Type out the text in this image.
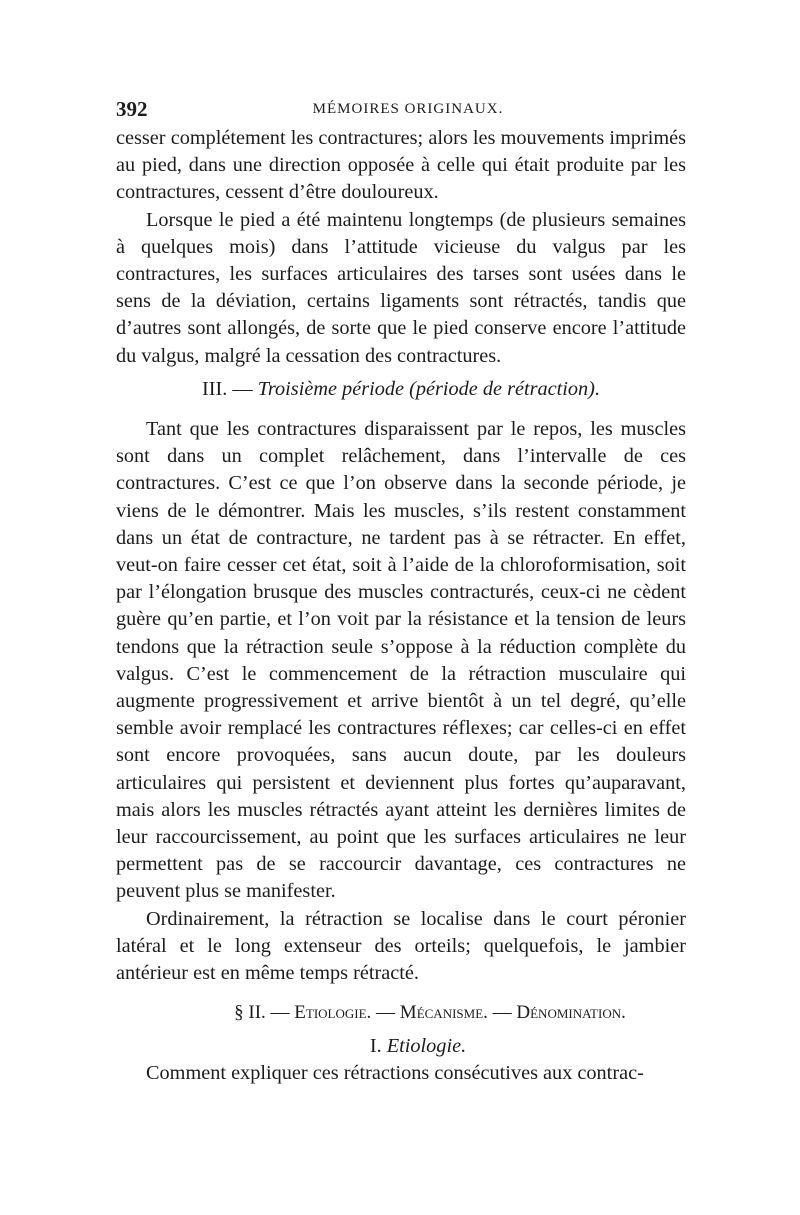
392	MÉMOIRES ORIGINAUX.

cesser complétement les contractures; alors les mouvements imprimés au pied, dans une direction opposée à celle qui était produite par les contractures, cessent d’être douloureux.

Lorsque le pied a été maintenu longtemps (de plusieurs semaines à quelques mois) dans l’attitude vicieuse du valgus par les contractures, les surfaces articulaires des tarses sont usées dans le sens de la déviation, certains ligaments sont rétractés, tandis que d’autres sont allongés, de sorte que le pied conserve encore l’attitude du valgus, malgré la cessation des contractures.

III. — Troisième période (période de rétraction).

Tant que les contractures disparaissent par le repos, les muscles sont dans un complet relâchement, dans l’intervalle de ces contractures. C’est ce que l’on observe dans la seconde période, je viens de le démontrer. Mais les muscles, s’ils restent constamment dans un état de contracture, ne tardent pas à se rétracter. En effet, veut-on faire cesser cet état, soit à l’aide de la chloroformisation, soit par l’élongation brusque des muscles contracturés, ceux-ci ne cèdent guère qu’en partie, et l’on voit par la résistance et la tension de leurs tendons que la rétraction seule s’oppose à la réduction complète du valgus. C’est le commencement de la rétraction musculaire qui augmente progressivement et arrive bientôt à un tel degré, qu’elle semble avoir remplacé les contractures réflexes; car celles-ci en effet sont encore provoquées, sans aucun doute, par les douleurs articulaires qui persistent et deviennent plus fortes qu’auparavant, mais alors les muscles rétractés ayant atteint les dernières limites de leur raccourcissement, au point que les surfaces articulaires ne leur permettent pas de se raccourcir davantage, ces contractures ne peuvent plus se manifester.

Ordinairement, la rétraction se localise dans le court péronier latéral et le long extenseur des orteils; quelquefois, le jambier antérieur est en même temps rétracté.

§ II. — Etiologie. — Mécanisme. — Dénomination.

I. Etiologie.

Comment expliquer ces rétractions consécutives aux contrac-
